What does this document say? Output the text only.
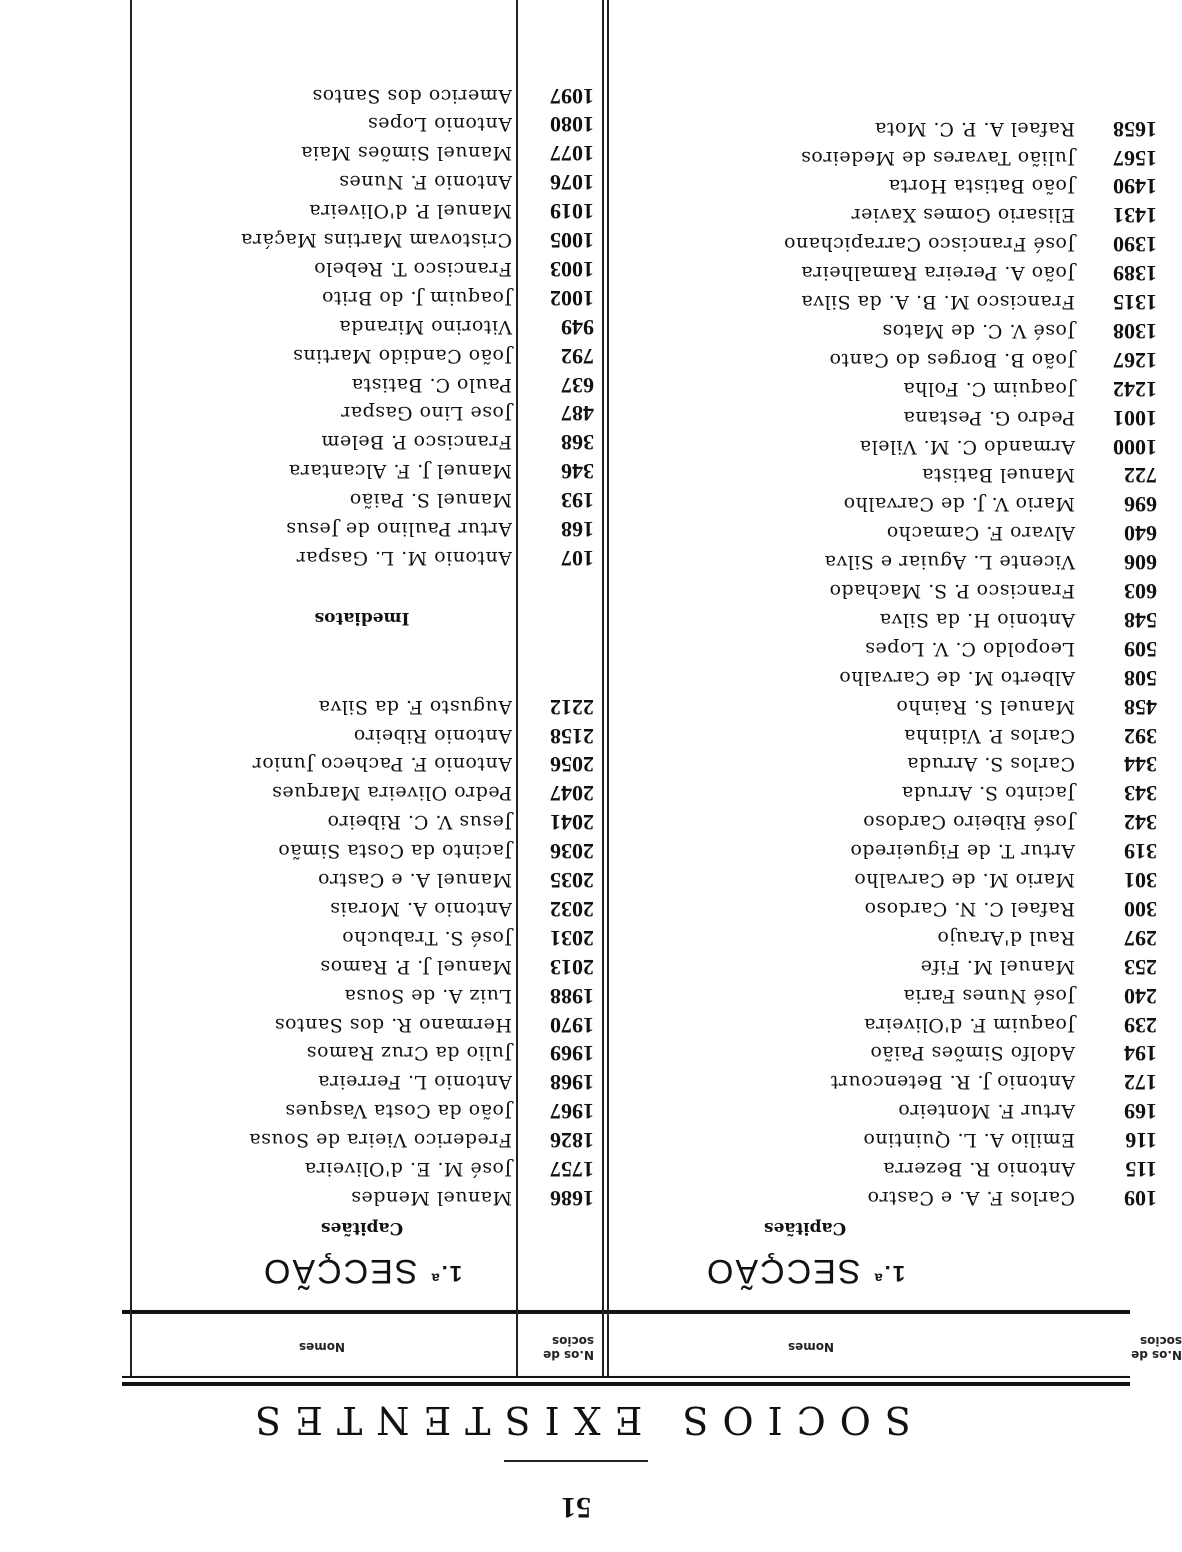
51
SOCIOS EXISTENTES
N.os de socios
Nomes
N.os de socios
Nomes
1.ªSECÇÃO
Capitães
109
Carlos F. A. e Castro
115
Antonio R. Bezerra
116
Emilio A. L. Quintino
169
Artur F. Monteiro
172
Antonio J. R. Betencourt
194
Adolfo Simões Paião
239
Joaquim F. d'Oliveira
240
José Nunes Faria
253
Manuel M. Fife
297
Raul d'Araujo
300
Rafael C. N. Cardoso
301
Mario M. de Carvalho
319
Artur T. de Figueiredo
342
José Ribeiro Cardoso
343
Jacinto S. Arruda
344
Carlos S. Arruda
392
Carlos P. Vidinha
458
Manuel S. Rainho
508
Alberto M. de Carvalho
509
Leopoldo C. V. Lopes
548
Antonio H. da Silva
603
Francisco P. S. Machado
606
Vicente L. Aguiar e Silva
640
Alvaro F. Camacho
696
Mario V. J. de Carvalho
722
Manuel Batista
1000
Armando C. M. Vilela
1001
Pedro G. Pestana
1242
Joaquim C. Folha
1267
João B. Borges do Canto
1308
José V. C. de Matos
1315
Francisco M. B. A. da Silva
1389
João A. Pereira Ramalheira
1390
José Francisco Carrapichano
1431
Elisario Gomes Xavier
1490
João Batista Horta
1567
Julião Tavares de Medeiros
1658
Rafael A. P. C. Mota
1.ªSECÇÃO
Capitães
1686
Manuel Mendes
1757
José M. E. d'Oliveira
1826
Frederico Vieira de Sousa
1967
João da Costa Vasques
1968
Antonio L. Ferreira
1969
Julio da Cruz Ramos
1970
Hermano R. dos Santos
1988
Luiz A. de Sousa
2013
Manuel J. P. Ramos
2031
José S. Trabucho
2032
Antonio A. Morais
2035
Manuel A. e Castro
2036
Jacinto da Costa Simão
2041
Jesus V. C. Ribeiro
2047
Pedro Oliveira Marques
2056
Antonio F. Pacheco Junior
2158
Antonio Ribeiro
2212
Augusto F. da Silva
Imediatos
107
Antonio M. L. Gaspar
168
Artur Paulino de Jesus
193
Manuel S. Paião
346
Manuel J. F. Alcantara
368
Francisco P. Belem
487
Jose Lino Gaspar
637
Paulo C. Batista
792
João Candido Martins
949
Vitorino Miranda
1002
Joaquim J. do Brito
1003
Francisco T. Rebelo
1005
Cristovam Martins Maçára
1019
Manuel P. d'Oliveira
1076
Antonio F. Nunes
1077
Manuel Simões Maia
1080
Antonio Lopes
1097
Americo dos Santos
